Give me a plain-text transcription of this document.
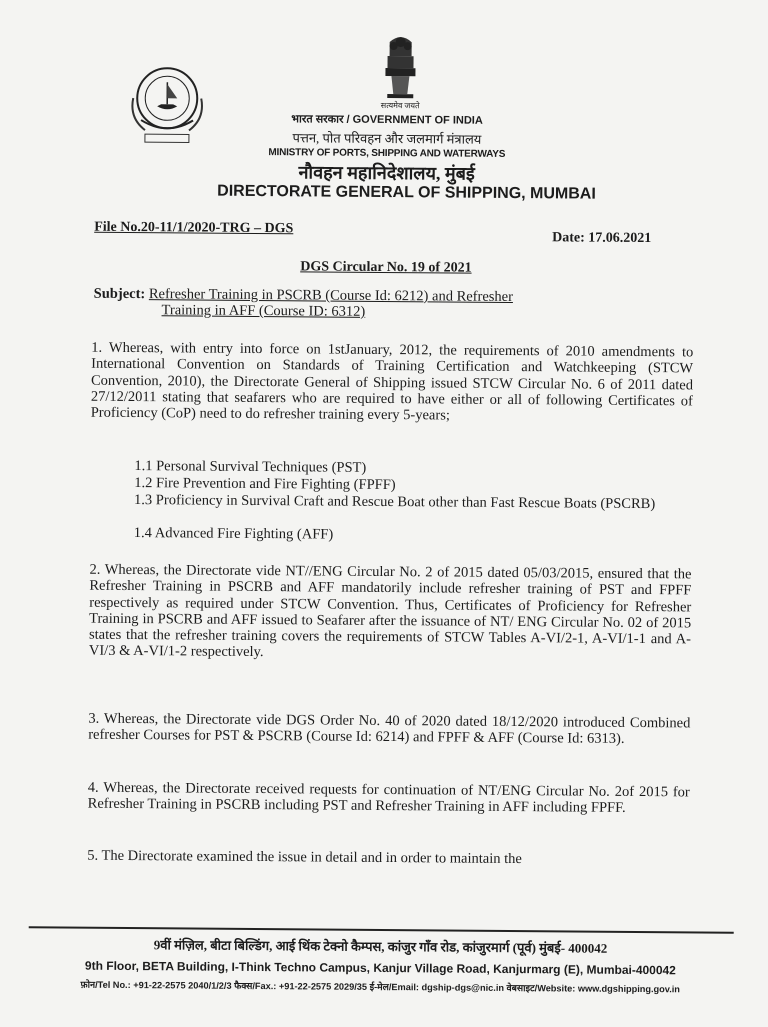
सत्यमेव जयते
भारत सरकार / GOVERNMENT OF INDIA
पत्तन, पोत परिवहन और जलमार्ग मंत्रालय
MINISTRY OF PORTS, SHIPPING AND WATERWAYS
नौवहन महानिदेशालय, मुंबई
DIRECTORATE GENERAL OF SHIPPING, MUMBAI
File No.20-11/1/2020-TRG – DGS
Date: 17.06.2021
DGS Circular No. 19 of 2021
Subject: Refresher Training in PSCRB (Course Id: 6212) and Refresher
Training in AFF (Course ID: 6312)
1. Whereas, with entry into force on 1stJanuary, 2012, the requirements of 2010 amendments to International Convention on Standards of Training Certification and Watchkeeping (STCW Convention, 2010), the Directorate General of Shipping issued STCW Circular No. 6 of 2011 dated 27/12/2011 stating that seafarers who are required to have either or all of following Certificates of Proficiency (CoP) need to do refresher training every 5-years;
1.1 Personal Survival Techniques (PST)
1.2 Fire Prevention and Fire Fighting (FPFF)
1.3 Proficiency in Survival Craft and Rescue Boat other than Fast Rescue Boats (PSCRB)
1.4 Advanced Fire Fighting (AFF)
2. Whereas, the Directorate vide NT//ENG Circular No. 2 of 2015 dated 05/03/2015, ensured that the Refresher Training in PSCRB and AFF mandatorily include refresher training of PST and FPFF respectively as required under STCW Convention. Thus, Certificates of Proficiency for Refresher Training in PSCRB and AFF issued to Seafarer after the issuance of NT/ ENG Circular No. 02 of 2015 states that the refresher training covers the requirements of STCW Tables A-VI/2-1, A-VI/1-1 and A-VI/3 & A-VI/1-2 respectively.
3. Whereas, the Directorate vide DGS Order No. 40 of 2020 dated 18/12/2020 introduced Combined refresher Courses for PST & PSCRB (Course Id: 6214) and FPFF & AFF (Course Id: 6313).
4. Whereas, the Directorate received requests for continuation of NT/ENG Circular No. 2of 2015 for Refresher Training in PSCRB including PST and Refresher Training in AFF including FPFF.
5. The Directorate examined the issue in detail and in order to maintain the
9वीं मंज़िल, बीटा बिल्डिंग, आई थिंक टेक्नो कैम्पस, कांजुर गाँव रोड, कांजुरमार्ग (पूर्व) मुंबई- 400042
9th Floor, BETA Building, I-Think Techno Campus, Kanjur Village Road, Kanjurmarg (E), Mumbai-400042
फ़ोन/Tel No.: +91-22-2575 2040/1/2/3 फैक्स/Fax.: +91-22-2575 2029/35 ई-मेल/Email: dgship-dgs@nic.in वेबसाइट/Website: www.dgshipping.gov.in
